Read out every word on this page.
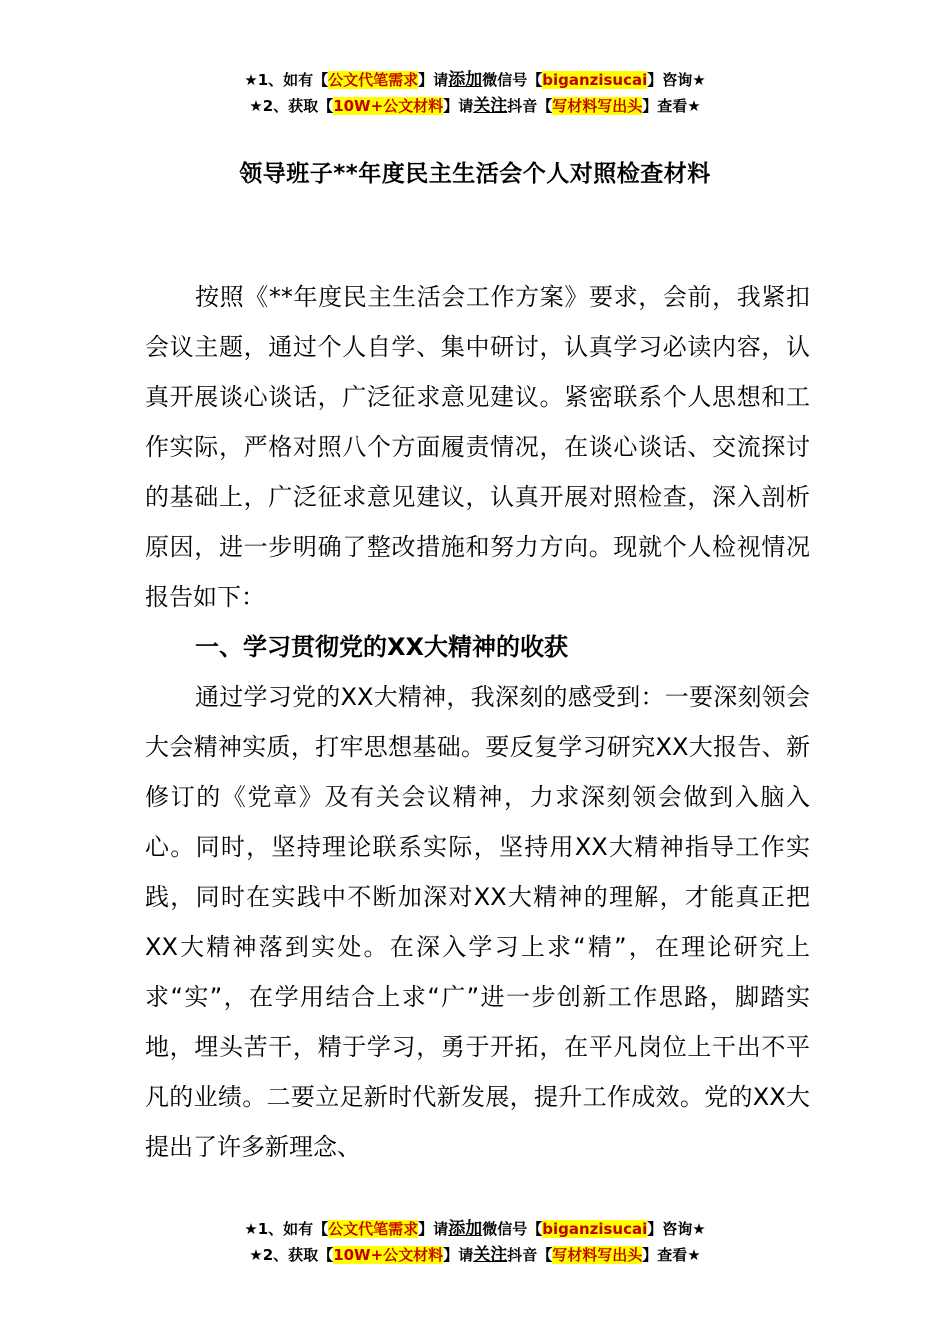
★1、如有【公文代笔需求】请添加微信号【biganzisucai】咨询★
★2、获取【10W+公文材料】请关注抖音【写材料写出头】查看★
领导班子**年度民主生活会个人对照检查材料

按照《**年度民主生活会工作方案》要求，会前，我紧扣会议主题，通过个人自学、集中研讨，认真学习必读内容，认真开展谈心谈话，广泛征求意见建议。紧密联系个人思想和工作实际，严格对照八个方面履责情况，在谈心谈话、交流探讨的基础上，广泛征求意见建议，认真开展对照检查，深入剖析原因，进一步明确了整改措施和努力方向。现就个人检视情况报告如下：

一、学习贯彻党的XX大精神的收获

通过学习党的XX大精神，我深刻的感受到：一要深刻领会大会精神实质，打牢思想基础。要反复学习研究XX大报告、新修订的《党章》及有关会议精神，力求深刻领会做到入脑入心。同时，坚持理论联系实际，坚持用XX大精神指导工作实践，同时在实践中不断加深对XX大精神的理解，才能真正把XX大精神落到实处。在深入学习上求“精”，在理论研究上求“实”，在学用结合上求“广”进一步创新工作思路，脚踏实地，埋头苦干，精于学习，勇于开拓，在平凡岗位上干出不平凡的业绩。二要立足新时代新发展，提升工作成效。党的XX大提出了许多新理念、

★1、如有【公文代笔需求】请添加微信号【biganzisucai】咨询★
★2、获取【10W+公文材料】请关注抖音【写材料写出头】查看★
